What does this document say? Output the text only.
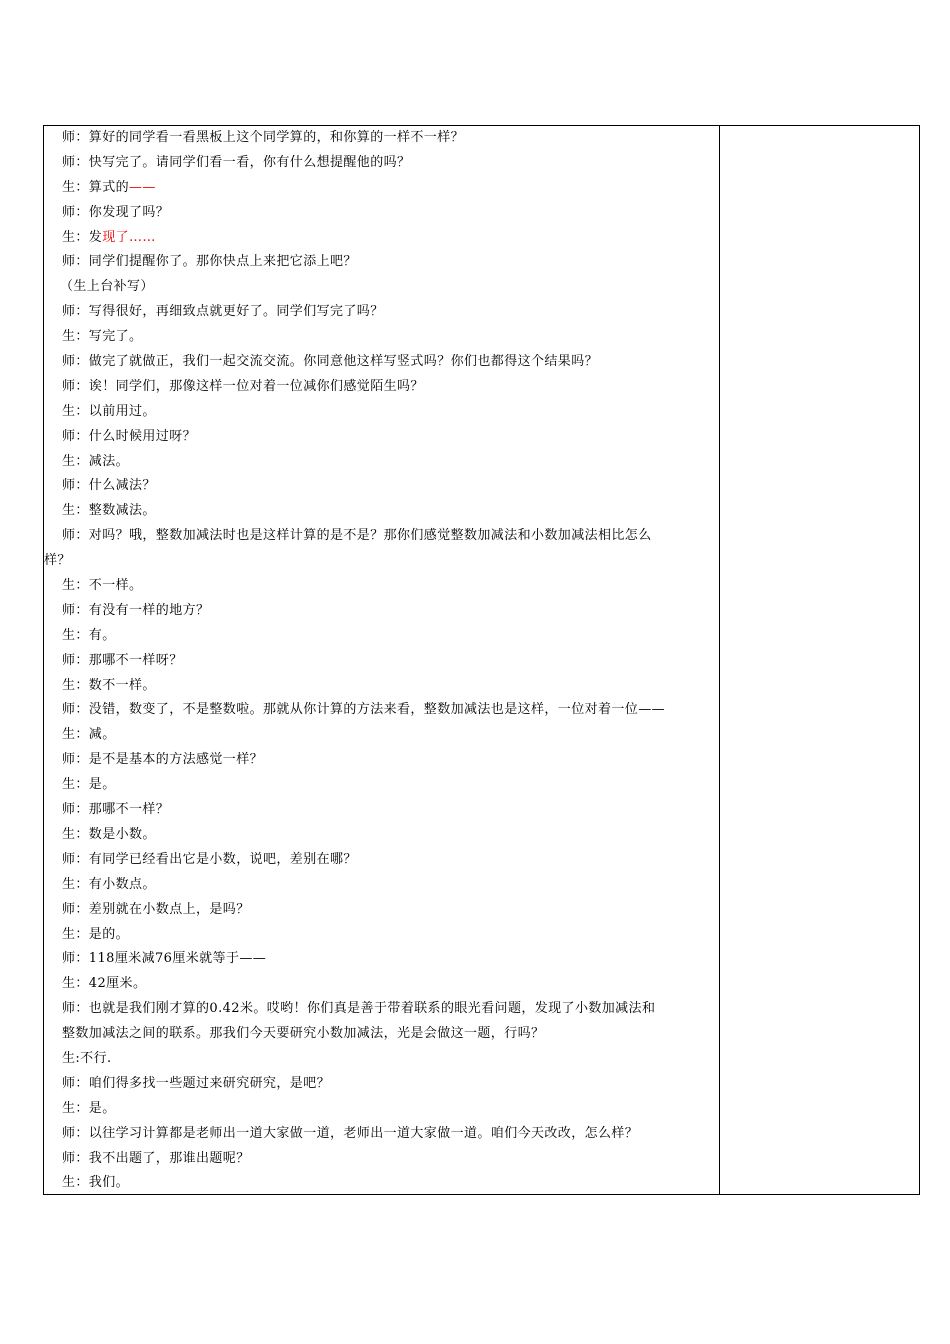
师：算好的同学看一看黑板上这个同学算的，和你算的一样不一样？
师：快写完了。请同学们看一看，你有什么想提醒他的吗？
生：算式的——
师：你发现了吗？
生：发现了……
师：同学们提醒你了。那你快点上来把它添上吧？
（生上台补写）
师：写得很好，再细致点就更好了。同学们写完了吗？
生：写完了。
师：做完了就做正，我们一起交流交流。你同意他这样写竖式吗？你们也都得这个结果吗？
师：诶！同学们，那像这样一位对着一位减你们感觉陌生吗？
生：以前用过。
师：什么时候用过呀？
生：减法。
师：什么减法？
生：整数减法。
师：对吗？哦，整数加减法时也是这样计算的是不是？那你们感觉整数加减法和小数加减法相比怎么
样？
生：不一样。
师：有没有一样的地方？
生：有。
师：那哪不一样呀？
生：数不一样。
师：没错，数变了，不是整数啦。那就从你计算的方法来看，整数加减法也是这样，一位对着一位——
生：减。
师：是不是基本的方法感觉一样？
生：是。
师：那哪不一样？
生：数是小数。
师：有同学已经看出它是小数，说吧，差别在哪？
生：有小数点。
师：差别就在小数点上，是吗？
生：是的。
师：118厘米减76厘米就等于——
生：42厘米。
师：也就是我们刚才算的0.42米。哎哟！你们真是善于带着联系的眼光看问题，发现了小数加减法和
整数加减法之间的联系。那我们今天要研究小数加减法，光是会做这一题，行吗？
生:不行.
师：咱们得多找一些题过来研究研究，是吧？
生：是。
师：以往学习计算都是老师出一道大家做一道，老师出一道大家做一道。咱们今天改改，怎么样？
师：我不出题了，那谁出题呢？
生：我们。
